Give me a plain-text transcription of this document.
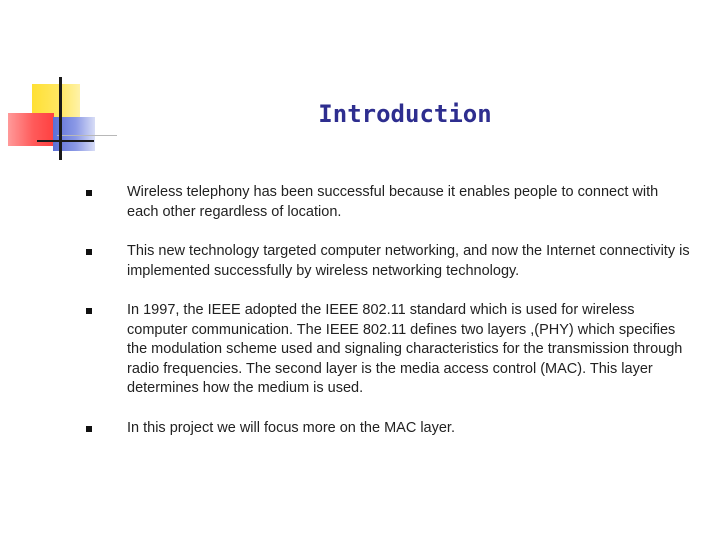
Introduction
Wireless telephony has been successful because it enables people to connect with each other regardless of location.
This new technology targeted computer networking, and now the Internet connectivity is implemented successfully by wireless networking technology.
In 1997, the IEEE adopted the IEEE 802.11 standard which is used for wireless computer communication. The IEEE 802.11 defines two layers ,(PHY) which specifies the modulation scheme used and signaling characteristics for the transmission through radio frequencies. The second layer is the media access control (MAC). This layer determines how the medium is used.
In this project we will focus more on the MAC layer.
